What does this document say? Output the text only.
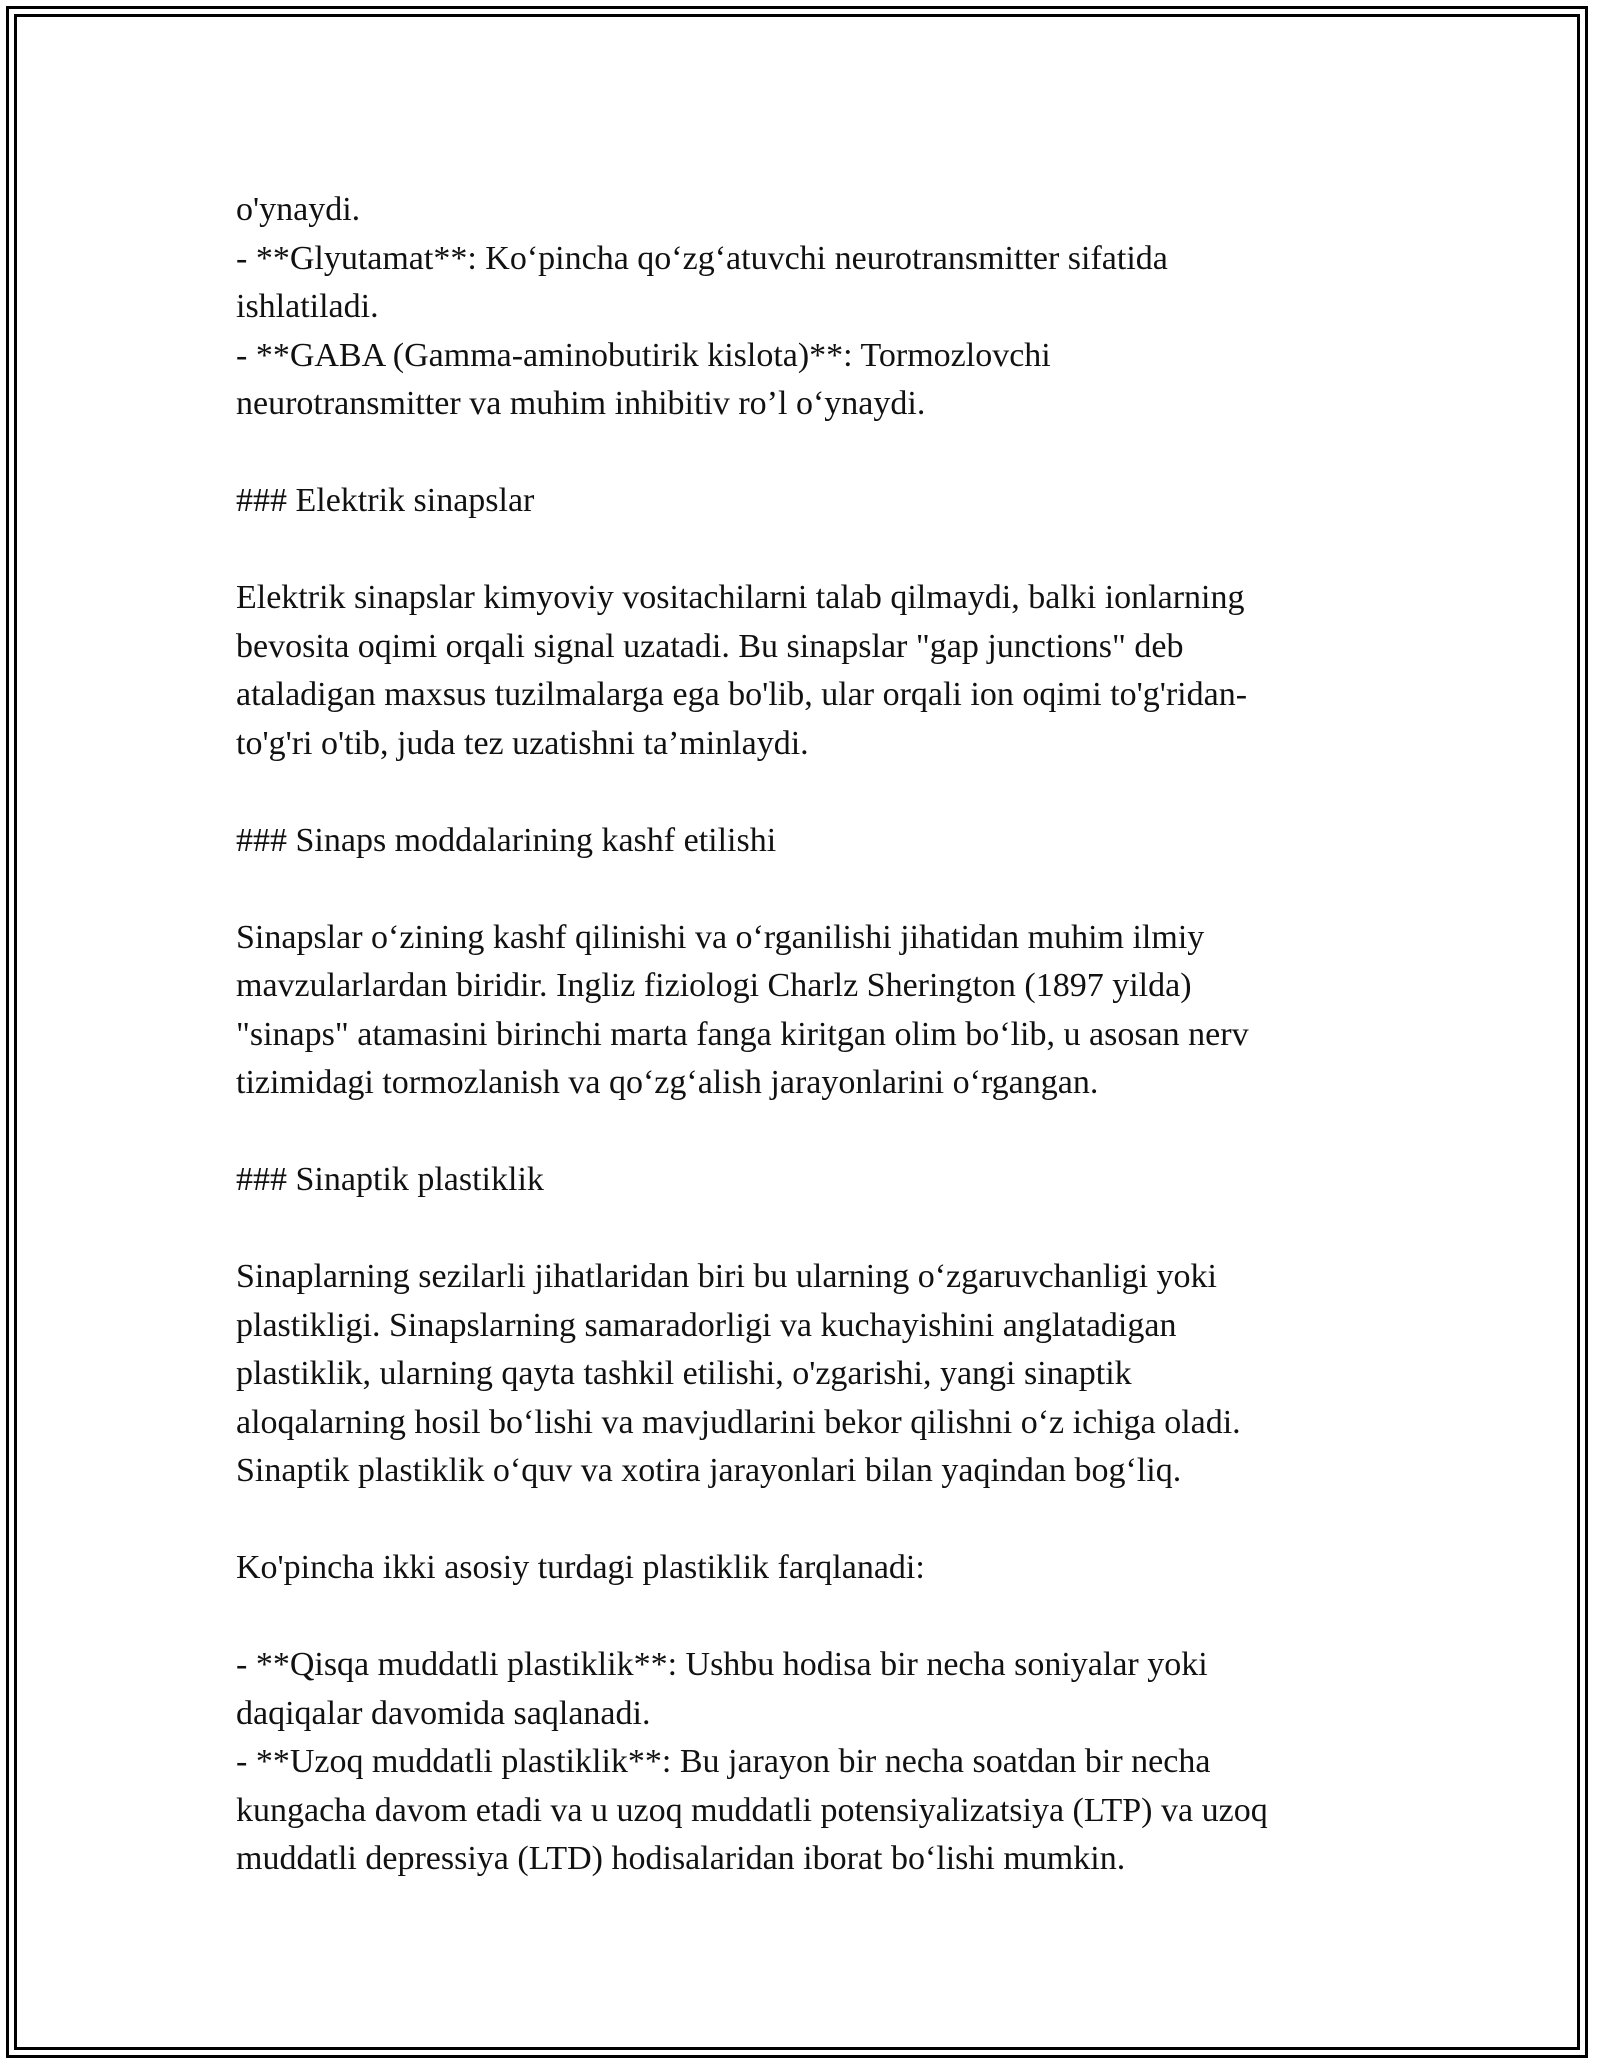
o'ynaydi.
- **Glyutamat**: Ko‘pincha qo‘zg‘atuvchi neurotransmitter sifatida
ishlatiladi.
- **GABA (Gamma-aminobutirik kislota)**: Tormozlovchi
neurotransmitter va muhim inhibitiv ro’l o‘ynaydi.
### Elektrik sinapslar
Elektrik sinapslar kimyoviy vositachilarni talab qilmaydi, balki ionlarning
bevosita oqimi orqali signal uzatadi. Bu sinapslar "gap junctions" deb
ataladigan maxsus tuzilmalarga ega bo'lib, ular orqali ion oqimi to'g'ridan-
to'g'ri o'tib, juda tez uzatishni ta’minlaydi.
### Sinaps moddalarining kashf etilishi
Sinapslar o‘zining kashf qilinishi va o‘rganilishi jihatidan muhim ilmiy
mavzularlardan biridir. Ingliz fiziologi Charlz Sherington (1897 yilda)
"sinaps" atamasini birinchi marta fanga kiritgan olim bo‘lib, u asosan nerv
tizimidagi tormozlanish va qo‘zg‘alish jarayonlarini o‘rgangan.
### Sinaptik plastiklik
Sinaplarning sezilarli jihatlaridan biri bu ularning o‘zgaruvchanligi yoki
plastikligi. Sinapslarning samaradorligi va kuchayishini anglatadigan
plastiklik, ularning qayta tashkil etilishi, o'zgarishi, yangi sinaptik
aloqalarning hosil bo‘lishi va mavjudlarini bekor qilishni o‘z ichiga oladi.
Sinaptik plastiklik o‘quv va xotira jarayonlari bilan yaqindan bog‘liq.
Ko'pincha ikki asosiy turdagi plastiklik farqlanadi:
- **Qisqa muddatli plastiklik**: Ushbu hodisa bir necha soniyalar yoki
daqiqalar davomida saqlanadi.
- **Uzoq muddatli plastiklik**: Bu jarayon bir necha soatdan bir necha
kungacha davom etadi va u uzoq muddatli potensiyalizatsiya (LTP) va uzoq
muddatli depressiya (LTD) hodisalaridan iborat bo‘lishi mumkin.
